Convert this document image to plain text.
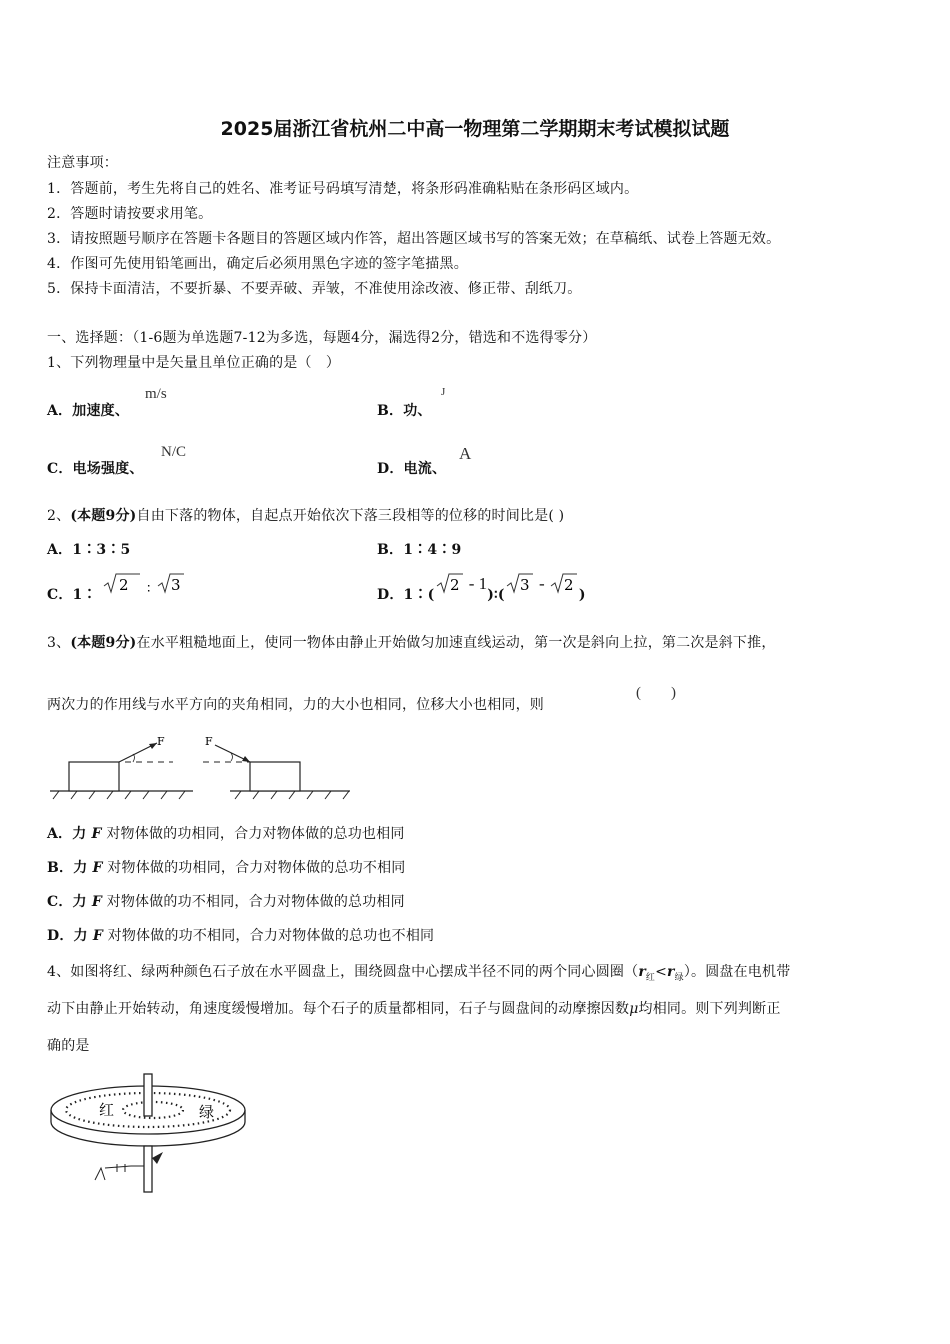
2025届浙江省杭州二中高一物理第二学期期末考试模拟试题
注意事项：
1．答题前，考生先将自己的姓名、准考证号码填写清楚，将条形码准确粘贴在条形码区域内。
2．答题时请按要求用笔。
3．请按照题号顺序在答题卡各题目的答题区域内作答，超出答题区域书写的答案无效；在草稿纸、试卷上答题无效。
4．作图可先使用铅笔画出，确定后必须用黑色字迹的签字笔描黑。
5．保持卡面清洁，不要折暴、不要弄破、弄皱，不准使用涂改液、修正带、刮纸刀。
一、选择题：（1-6题为单选题7-12为多选，每题4分，漏选得2分，错选和不选得零分）
1、下列物理量中是矢量且单位正确的是（　）
A．加速度、
m/s
B．功、
J
C．电场强度、
N/C
D．电流、
A
2、(本题9分)自由下落的物体，自起点开始依次下落三段相等的位移的时间比是( )
A．1∶3∶5	B．1∶4∶9
C．1∶
2 ∶ 3
D．1∶(
2 - 1)∶(
3 - 2
)
3、(本题9分)在水平粗糙地面上，使同一物体由静止开始做匀加速直线运动，第一次是斜向上拉，第二次是斜下推，
两次力的作用线与水平方向的夹角相同，力的大小也相同，位移大小也相同，则
(　　)
F	F
A．力 F 对物体做的功相同，合力对物体做的总功也相同
B．力 F 对物体做的功相同，合力对物体做的总功不相同
C．力 F 对物体做的功不相同，合力对物体做的总功相同
D．力 F 对物体做的功不相同，合力对物体做的总功也不相同
4、如图将红、绿两种颜色石子放在水平圆盘上，围绕圆盘中心摆成半径不同的两个同心圆圈$(r_红<r_绿)$。圆盘在电机带
动下由静止开始转动，角速度缓慢增加。每个石子的质量都相同，石子与圆盘间的动摩擦因数μ均相同。则下列判断正
确的是
红	绿
